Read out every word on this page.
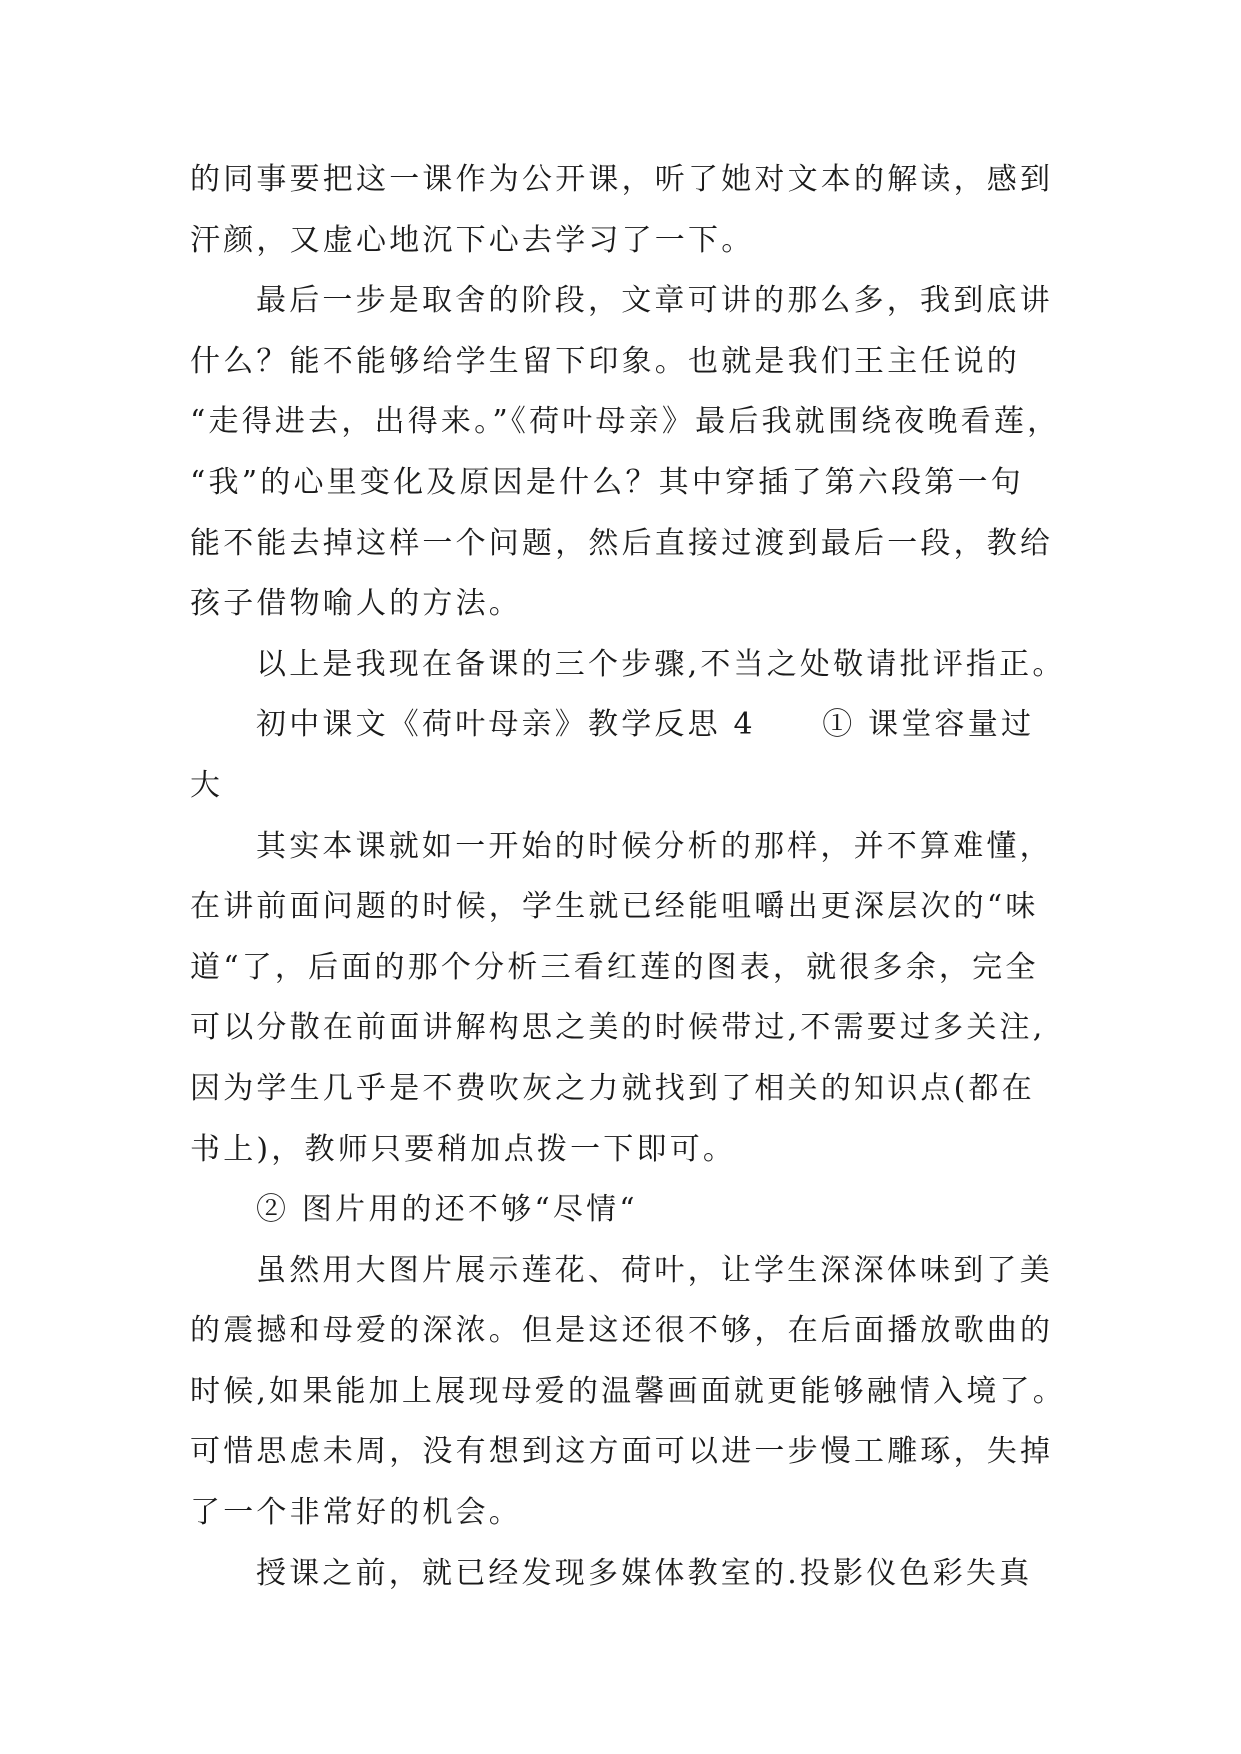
的同事要把这一课作为公开课，听了她对文本的解读，感到
汗颜，又虚心地沉下心去学习了一下。
最后一步是取舍的阶段，文章可讲的那么多，我到底讲
什么？能不能够给学生留下印象。也就是我们王主任说的
“走得进去，出得来。”《荷叶母亲》最后我就围绕夜晚看莲，
“我”的心里变化及原因是什么？其中穿插了第六段第一句
能不能去掉这样一个问题，然后直接过渡到最后一段，教给
孩子借物喻人的方法。
以上是我现在备课的三个步骤,不当之处敬请批评指正。
初中课文《荷叶母亲》教学反思 4　　① 课堂容量过
大
其实本课就如一开始的时候分析的那样，并不算难懂，
在讲前面问题的时候，学生就已经能咀嚼出更深层次的“味
道“了，后面的那个分析三看红莲的图表，就很多余，完全
可以分散在前面讲解构思之美的时候带过,不需要过多关注,
因为学生几乎是不费吹灰之力就找到了相关的知识点(都在
书上)，教师只要稍加点拨一下即可。
② 图片用的还不够“尽情“
虽然用大图片展示莲花、荷叶，让学生深深体味到了美
的震撼和母爱的深浓。但是这还很不够，在后面播放歌曲的
时候,如果能加上展现母爱的温馨画面就更能够融情入境了。
可惜思虑未周，没有想到这方面可以进一步慢工雕琢，失掉
了一个非常好的机会。
授课之前，就已经发现多媒体教室的.投影仪色彩失真
